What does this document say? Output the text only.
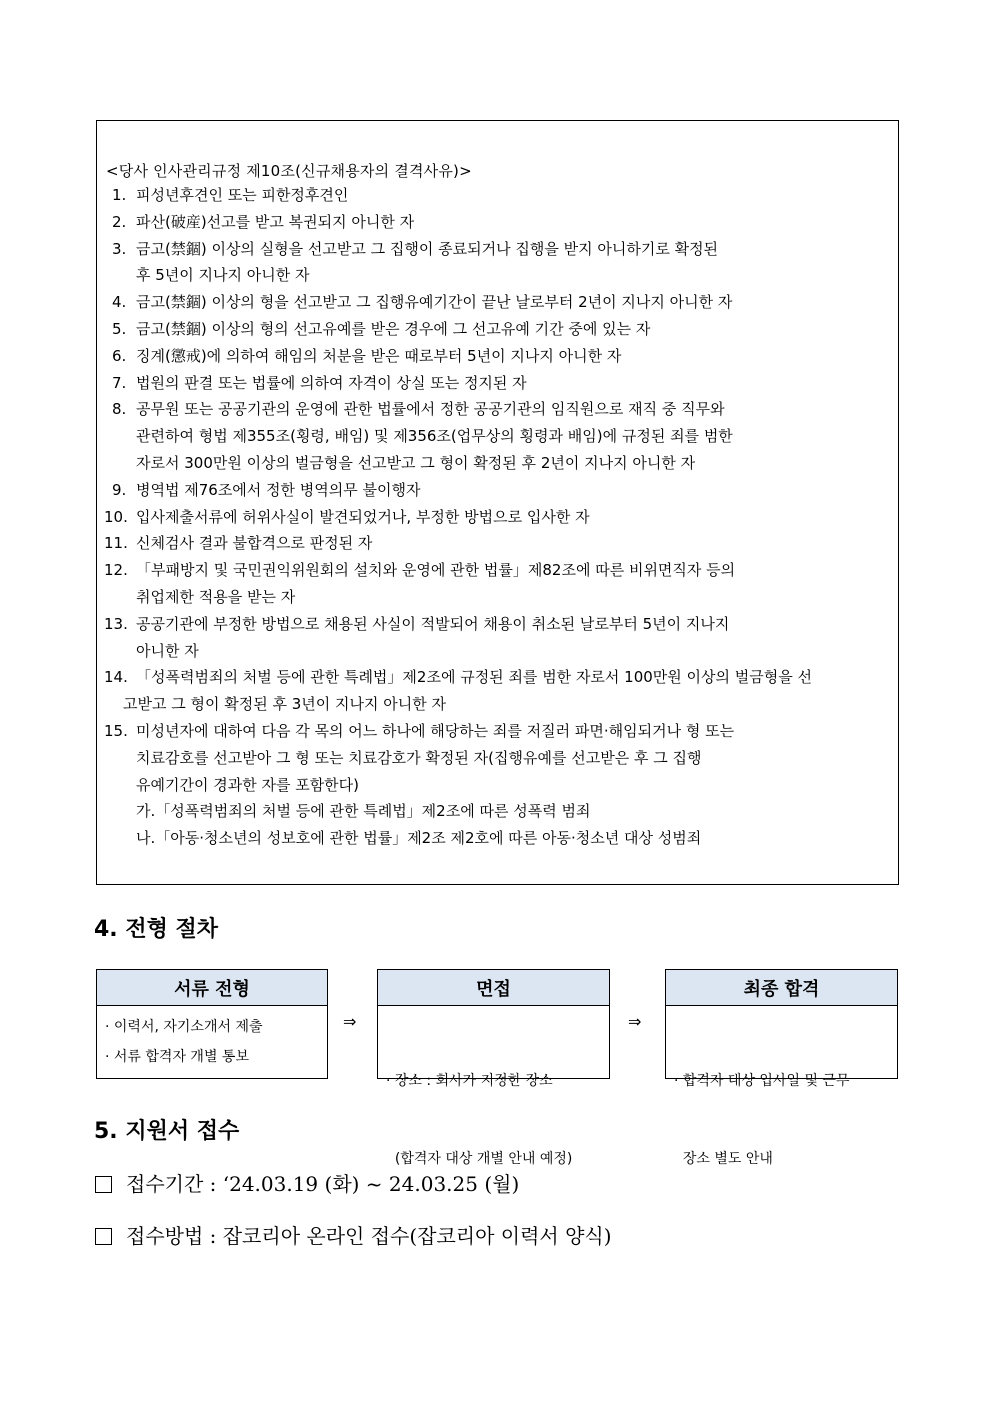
<당사 인사관리규정 제10조(신규채용자의 결격사유)>
1. 피성년후견인 또는 피한정후견인
2. 파산(破産)선고를 받고 복권되지 아니한 자
3. 금고(禁錮) 이상의 실형을 선고받고 그 집행이 종료되거나 집행을 받지 아니하기로 확정된
후 5년이 지나지 아니한 자
4. 금고(禁錮) 이상의 형을 선고받고 그 집행유예기간이 끝난 날로부터 2년이 지나지 아니한 자
5. 금고(禁錮) 이상의 형의 선고유예를 받은 경우에 그 선고유예 기간 중에 있는 자
6. 징계(懲戒)에 의하여 해임의 처분을 받은 때로부터 5년이 지나지 아니한 자
7. 법원의 판결 또는 법률에 의하여 자격이 상실 또는 정지된 자
8. 공무원 또는 공공기관의 운영에 관한 법률에서 정한 공공기관의 임직원으로 재직 중 직무와
관련하여 형법 제355조(횡령, 배임) 및 제356조(업무상의 횡령과 배임)에 규정된 죄를 범한
자로서 300만원 이상의 벌금형을 선고받고 그 형이 확정된 후 2년이 지나지 아니한 자
9. 병역법 제76조에서 정한 병역의무 불이행자
10. 입사제출서류에 허위사실이 발견되었거나, 부정한 방법으로 입사한 자
11. 신체검사 결과 불합격으로 판정된 자
12. 「부패방지 및 국민권익위원회의 설치와 운영에 관한 법률」제82조에 따른 비위면직자 등의
취업제한 적용을 받는 자
13. 공공기관에 부정한 방법으로 채용된 사실이 적발되어 채용이 취소된 날로부터 5년이 지나지
아니한 자
14. 「성폭력범죄의 처벌 등에 관한 특례법」제2조에 규정된 죄를 범한 자로서 100만원 이상의 벌금형을 선
고받고 그 형이 확정된 후 3년이 지나지 아니한 자
15. 미성년자에 대하여 다음 각 목의 어느 하나에 해당하는 죄를 저질러 파면·해임되거나 형 또는
치료감호를 선고받아 그 형 또는 치료감호가 확정된 자(집행유예를 선고받은 후 그 집행
유예기간이 경과한 자를 포함한다)
가.「성폭력범죄의 처벌 등에 관한 특례법」제2조에 따른 성폭력 범죄
나.「아동·청소년의 성보호에 관한 법률」제2조 제2호에 따른 아동·청소년 대상 성범죄
4. 전형 절차
서류 전형
· 이력서, 자기소개서 제출
· 서류 합격자 개별 통보
⇒
면접

· 장소 : 회사가 지정한 장소

(합격자 대상 개별 안내 예정)

⇒
최종 합격

· 합격자 대상 입사일 및 근무

장소 별도 안내

5. 지원서 접수
접수기간 : ‘24.03.19 (화) ~ 24.03.25 (월)
접수방법 : 잡코리아 온라인 접수(잡코리아 이력서 양식)
